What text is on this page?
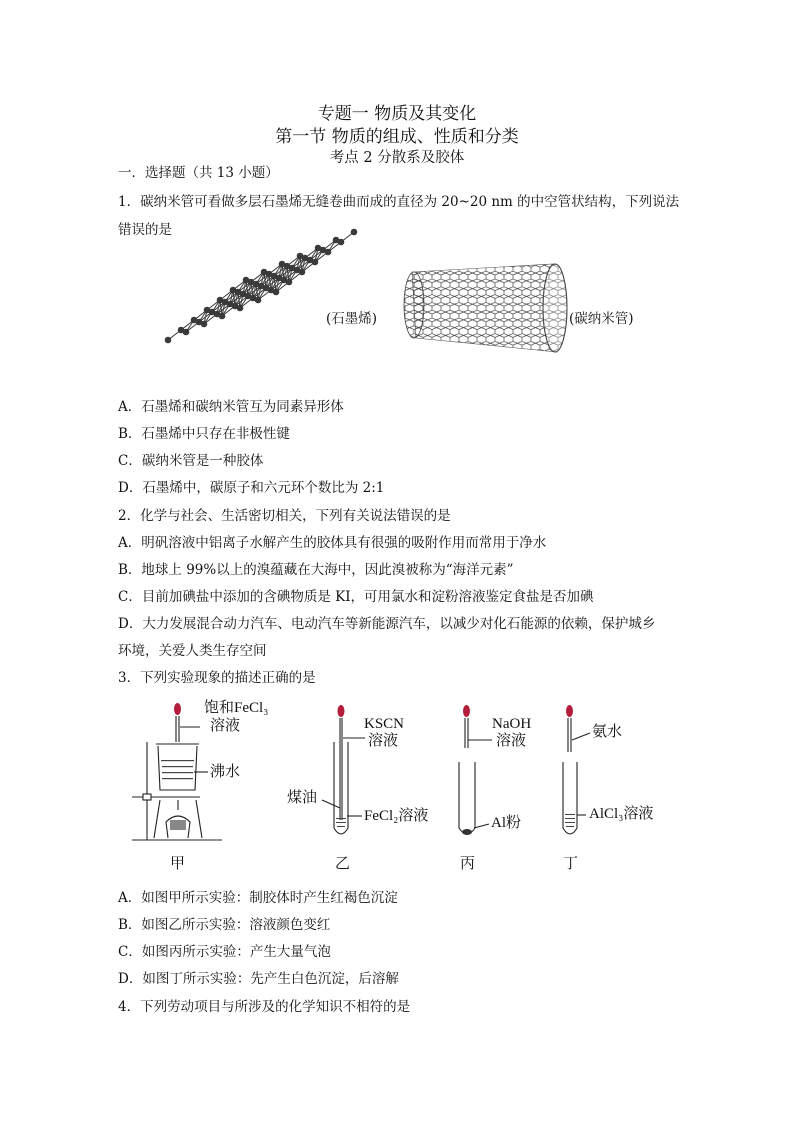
专题一 物质及其变化
第一节 物质的组成、性质和分类
考点 2 分散系及胶体
一．选择题（共 13 小题）
1．碳纳米管可看做多层石墨烯无缝卷曲而成的直径为 20~20 nm 的中空管状结构，下列说法
错误的是
(石墨烯)	(碳纳米管)
A．石墨烯和碳纳米管互为同素异形体
B．石墨烯中只存在非极性键
C．碳纳米管是一种胶体
D．石墨烯中，碳原子和六元环个数比为 2:1
2．化学与社会、生活密切相关，下列有关说法错误的是
A．明矾溶液中铝离子水解产生的胶体具有很强的吸附作用而常用于净水
B．地球上 99%以上的溴蕴藏在大海中，因此溴被称为“海洋元素”
C．目前加碘盐中添加的含碘物质是 KI，可用氯水和淀粉溶液鉴定食盐是否加碘
D．大力发展混合动力汽车、电动汽车等新能源汽车，以减少对化石能源的依赖，保护城乡
环境，关爱人类生存空间
3．下列实验现象的描述正确的是
饱和FeCl₃
溶液
沸水
甲
KSCN
溶液
煤油
FeCl₂溶液
乙
NaOH
溶液
Al粉
丙
氨水
AlCl₃溶液
丁
A．如图甲所示实验：制胶体时产生红褐色沉淀
B．如图乙所示实验：溶液颜色变红
C．如图丙所示实验：产生大量气泡
D．如图丁所示实验：先产生白色沉淀，后溶解
4．下列劳动项目与所涉及的化学知识不相符的是
